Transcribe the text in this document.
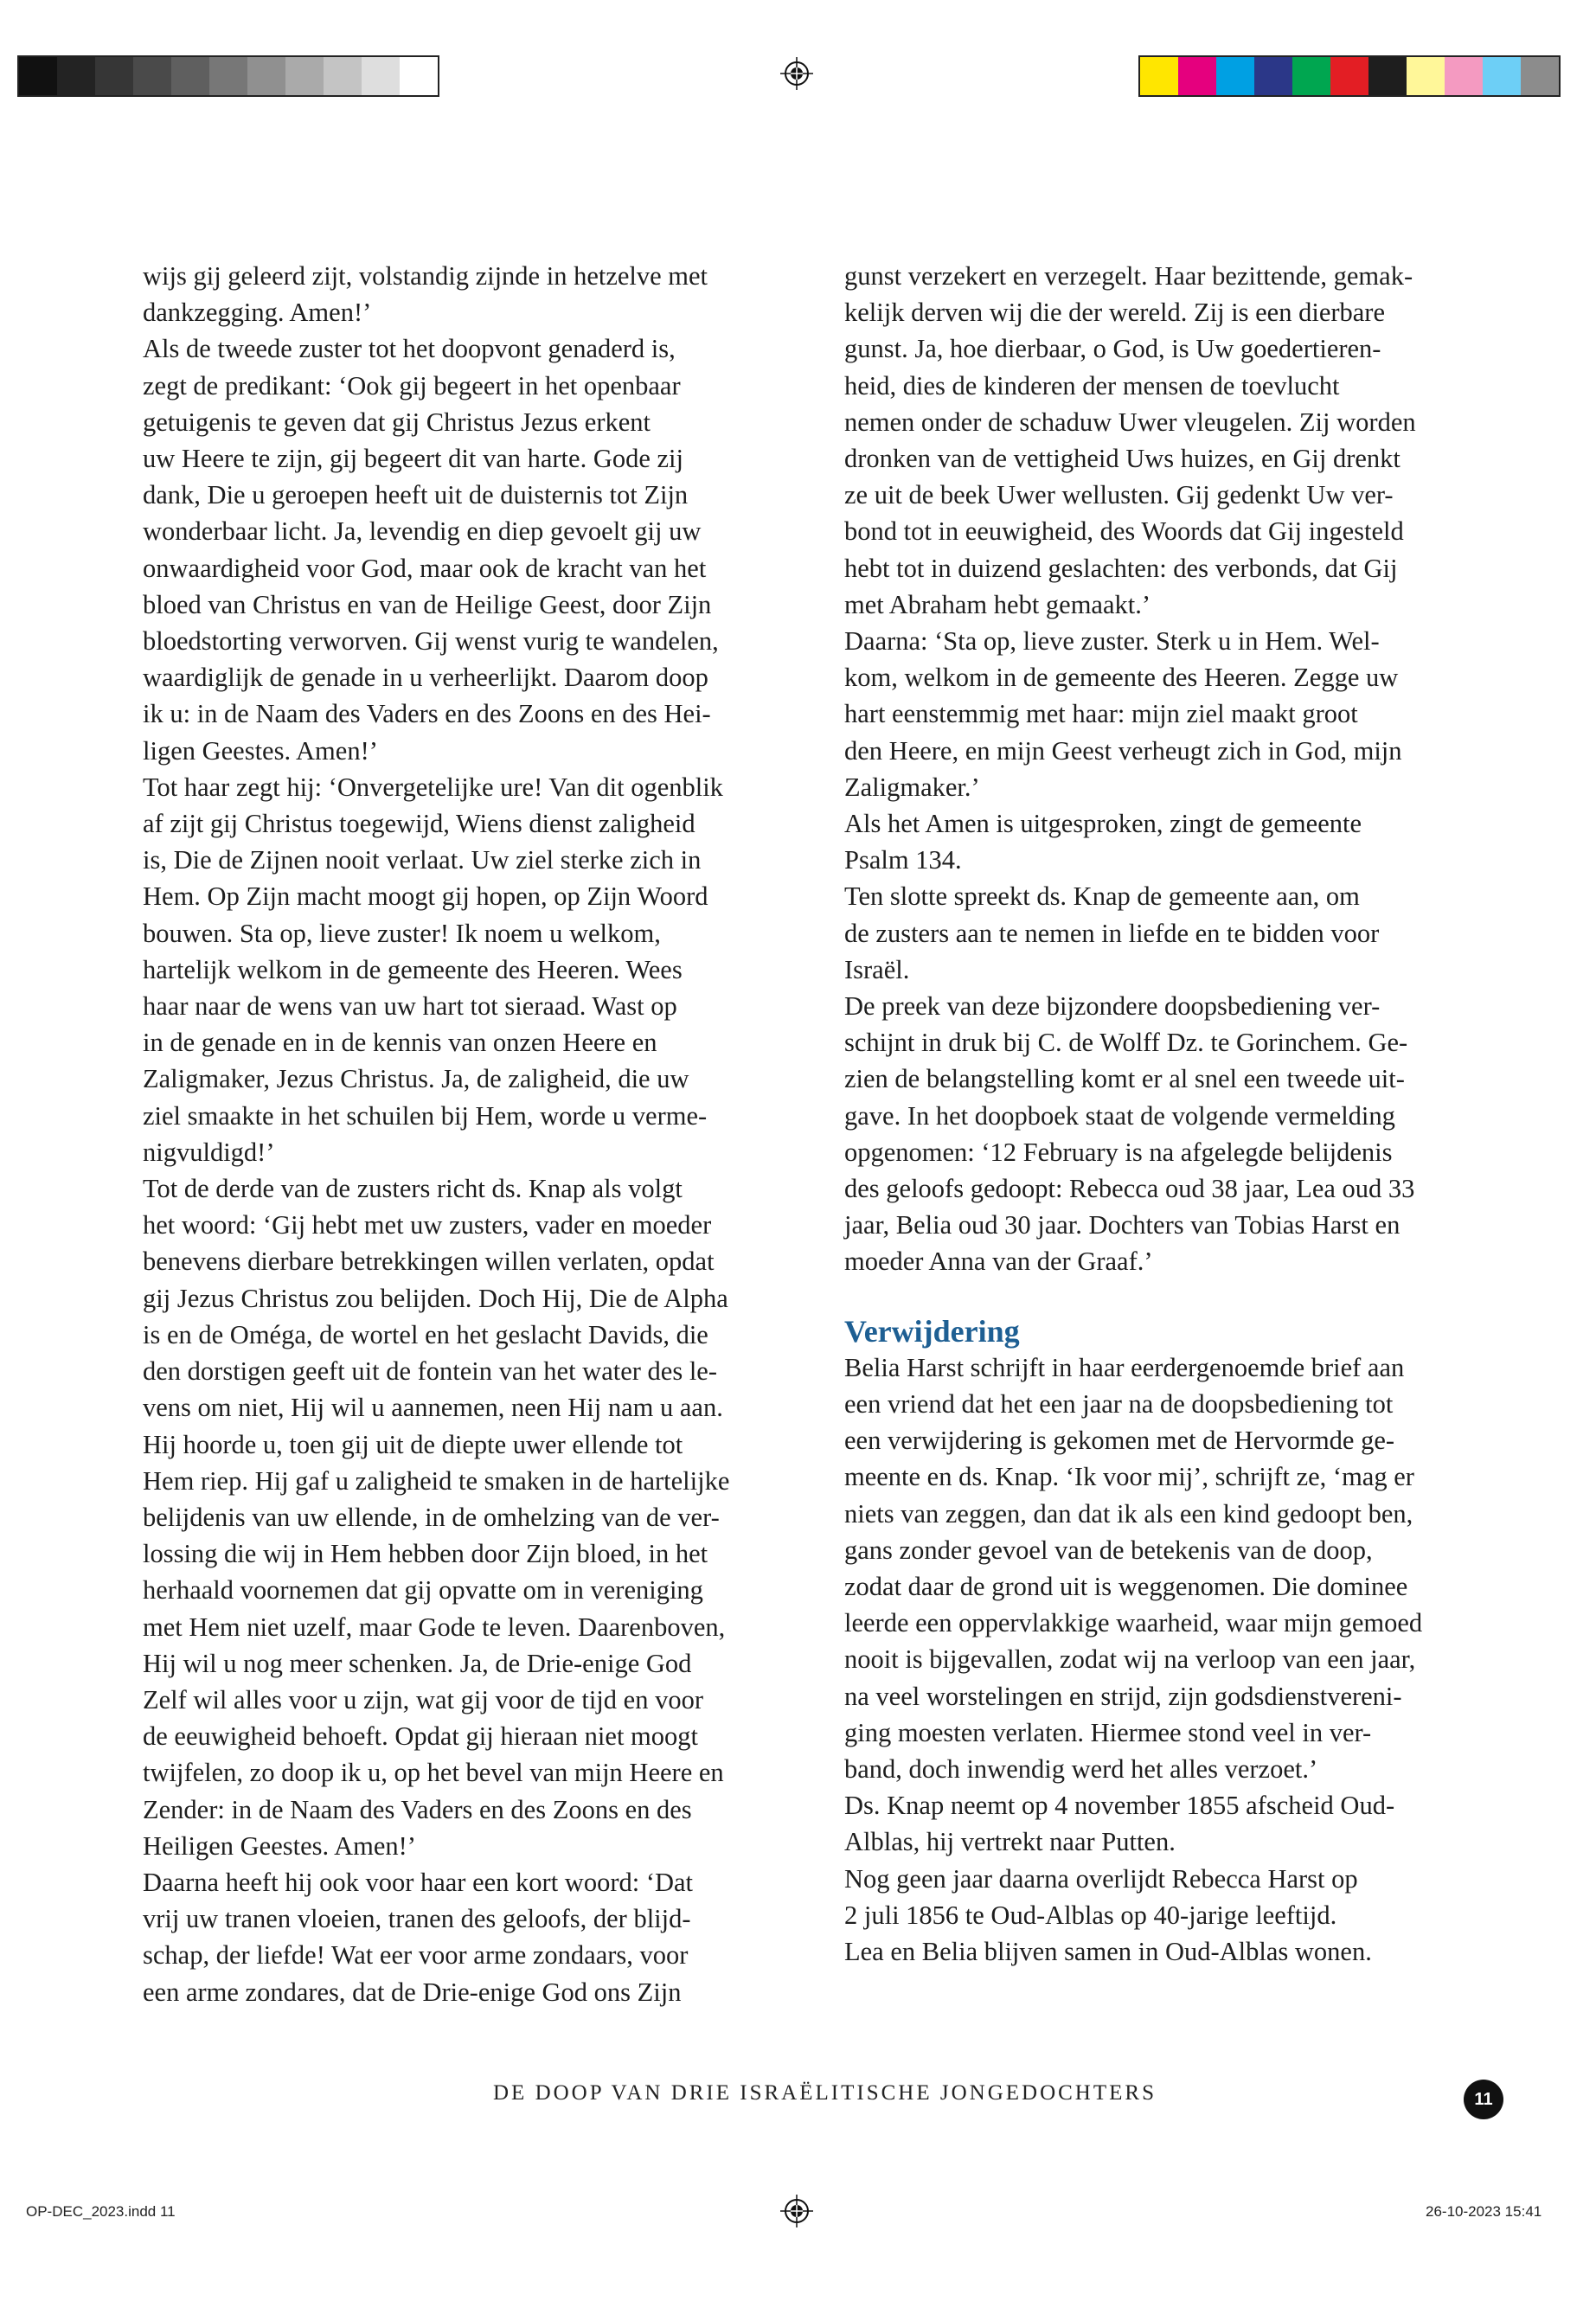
wijs gij geleerd zijt, volstandig zijnde in hetzelve met
dankzegging. Amen!’

Als de tweede zuster tot het doopvont genaderd is,
zegt de predikant: ‘Ook gij begeert in het openbaar
getuigenis te geven dat gij Christus Jezus erkent
uw Heere te zijn, gij begeert dit van harte. Gode zij
dank, Die u geroepen heeft uit de duisternis tot Zijn
wonderbaar licht. Ja, levendig en diep gevoelt gij uw
onwaardigheid voor God, maar ook de kracht van het
bloed van Christus en van de Heilige Geest, door Zijn
bloedstorting verworven. Gij wenst vurig te wandelen,
waardiglijk de genade in u verheerlijkt. Daarom doop
ik u: in de Naam des Vaders en des Zoons en des Hei-
ligen Geestes. Amen!’

Tot haar zegt hij: ‘Onvergetelijke ure! Van dit ogenblik
af zijt gij Christus toegewijd, Wiens dienst zaligheid
is, Die de Zijnen nooit verlaat. Uw ziel sterke zich in
Hem. Op Zijn macht moogt gij hopen, op Zijn Woord
bouwen. Sta op, lieve zuster! Ik noem u welkom,
hartelijk welkom in de gemeente des Heeren. Wees
haar naar de wens van uw hart tot sieraad. Wast op
in de genade en in de kennis van onzen Heere en
Zaligmaker, Jezus Christus. Ja, de zaligheid, die uw
ziel smaakte in het schuilen bij Hem, worde u verme-
nigvuldigd!’

Tot de derde van de zusters richt ds. Knap als volgt
het woord: ‘Gij hebt met uw zusters, vader en moeder
benevens dierbare betrekkingen willen verlaten, opdat
gij Jezus Christus zou belijden. Doch Hij, Die de Alpha
is en de Oméga, de wortel en het geslacht Davids, die
den dorstigen geeft uit de fontein van het water des le-
vens om niet, Hij wil u aannemen, neen Hij nam u aan.
Hij hoorde u, toen gij uit de diepte uwer ellende tot
Hem riep. Hij gaf u zaligheid te smaken in de hartelijke
belijdenis van uw ellende, in de omhelzing van de ver-
lossing die wij in Hem hebben door Zijn bloed, in het
herhaald voornemen dat gij opvatte om in vereniging
met Hem niet uzelf, maar Gode te leven. Daarenboven,
Hij wil u nog meer schenken. Ja, de Drie-enige God
Zelf wil alles voor u zijn, wat gij voor de tijd en voor
de eeuwigheid behoeft. Opdat gij hieraan niet moogt
twijfelen, zo doop ik u, op het bevel van mijn Heere en
Zender: in de Naam des Vaders en des Zoons en des
Heiligen Geestes. Amen!’

Daarna heeft hij ook voor haar een kort woord: ‘Dat
vrij uw tranen vloeien, tranen des geloofs, der blijd-
schap, der liefde! Wat eer voor arme zondaars, voor
een arme zondares, dat de Drie-enige God ons Zijn

gunst verzekert en verzegelt. Haar bezittende, gemak-
kelijk derven wij die der wereld. Zij is een dierbare
gunst. Ja, hoe dierbaar, o God, is Uw goedertieren-
heid, dies de kinderen der mensen de toevlucht
nemen onder de schaduw Uwer vleugelen. Zij worden
dronken van de vettigheid Uws huizes, en Gij drenkt
ze uit de beek Uwer wellusten. Gij gedenkt Uw ver-
bond tot in eeuwigheid, des Woords dat Gij ingesteld
hebt tot in duizend geslachten: des verbonds, dat Gij
met Abraham hebt gemaakt.’

Daarna: ‘Sta op, lieve zuster. Sterk u in Hem. Wel-
kom, welkom in de gemeente des Heeren. Zegge uw
hart eenstemmig met haar: mijn ziel maakt groot
den Heere, en mijn Geest verheugt zich in God, mijn
Zaligmaker.’

Als het Amen is uitgesproken, zingt de gemeente
Psalm 134.

Ten slotte spreekt ds. Knap de gemeente aan, om
de zusters aan te nemen in liefde en te bidden voor
Israël.

De preek van deze bijzondere doopsbediening ver-
schijnt in druk bij C. de Wolff Dz. te Gorinchem. Ge-
zien de belangstelling komt er al snel een tweede uit-
gave. In het doopboek staat de volgende vermelding
opgenomen: ‘12 February is na afgelegde belijdenis
des geloofs gedoopt: Rebecca oud 38 jaar, Lea oud 33
jaar, Belia oud 30 jaar. Dochters van Tobias Harst en
moeder Anna van der Graaf.’

Verwijdering

Belia Harst schrijft in haar eerdergenoemde brief aan
een vriend dat het een jaar na de doopsbediening tot
een verwijdering is gekomen met de Hervormde ge-
meente en ds. Knap. ‘Ik voor mij’, schrijft ze, ‘mag er
niets van zeggen, dan dat ik als een kind gedoopt ben,
gans zonder gevoel van de betekenis van de doop,
zodat daar de grond uit is weggenomen. Die dominee
leerde een oppervlakkige waarheid, waar mijn gemoed
nooit is bijgevallen, zodat wij na verloop van een jaar,
na veel worstelingen en strijd, zijn godsdienstvereni-
ging moesten verlaten. Hiermee stond veel in ver-
band, doch inwendig werd het alles verzoet.’

Ds. Knap neemt op 4 november 1855 afscheid Oud-
Alblas, hij vertrekt naar Putten.

Nog geen jaar daarna overlijdt Rebecca Harst op
2 juli 1856 te Oud-Alblas op 40-jarige leeftijd.

Lea en Belia blijven samen in Oud-Alblas wonen.

DE DOOP VAN DRIE ISRAËLITISCHE JONGEDOCHTERS	11
OP-DEC_2023.indd 11	26-10-2023 15:41
